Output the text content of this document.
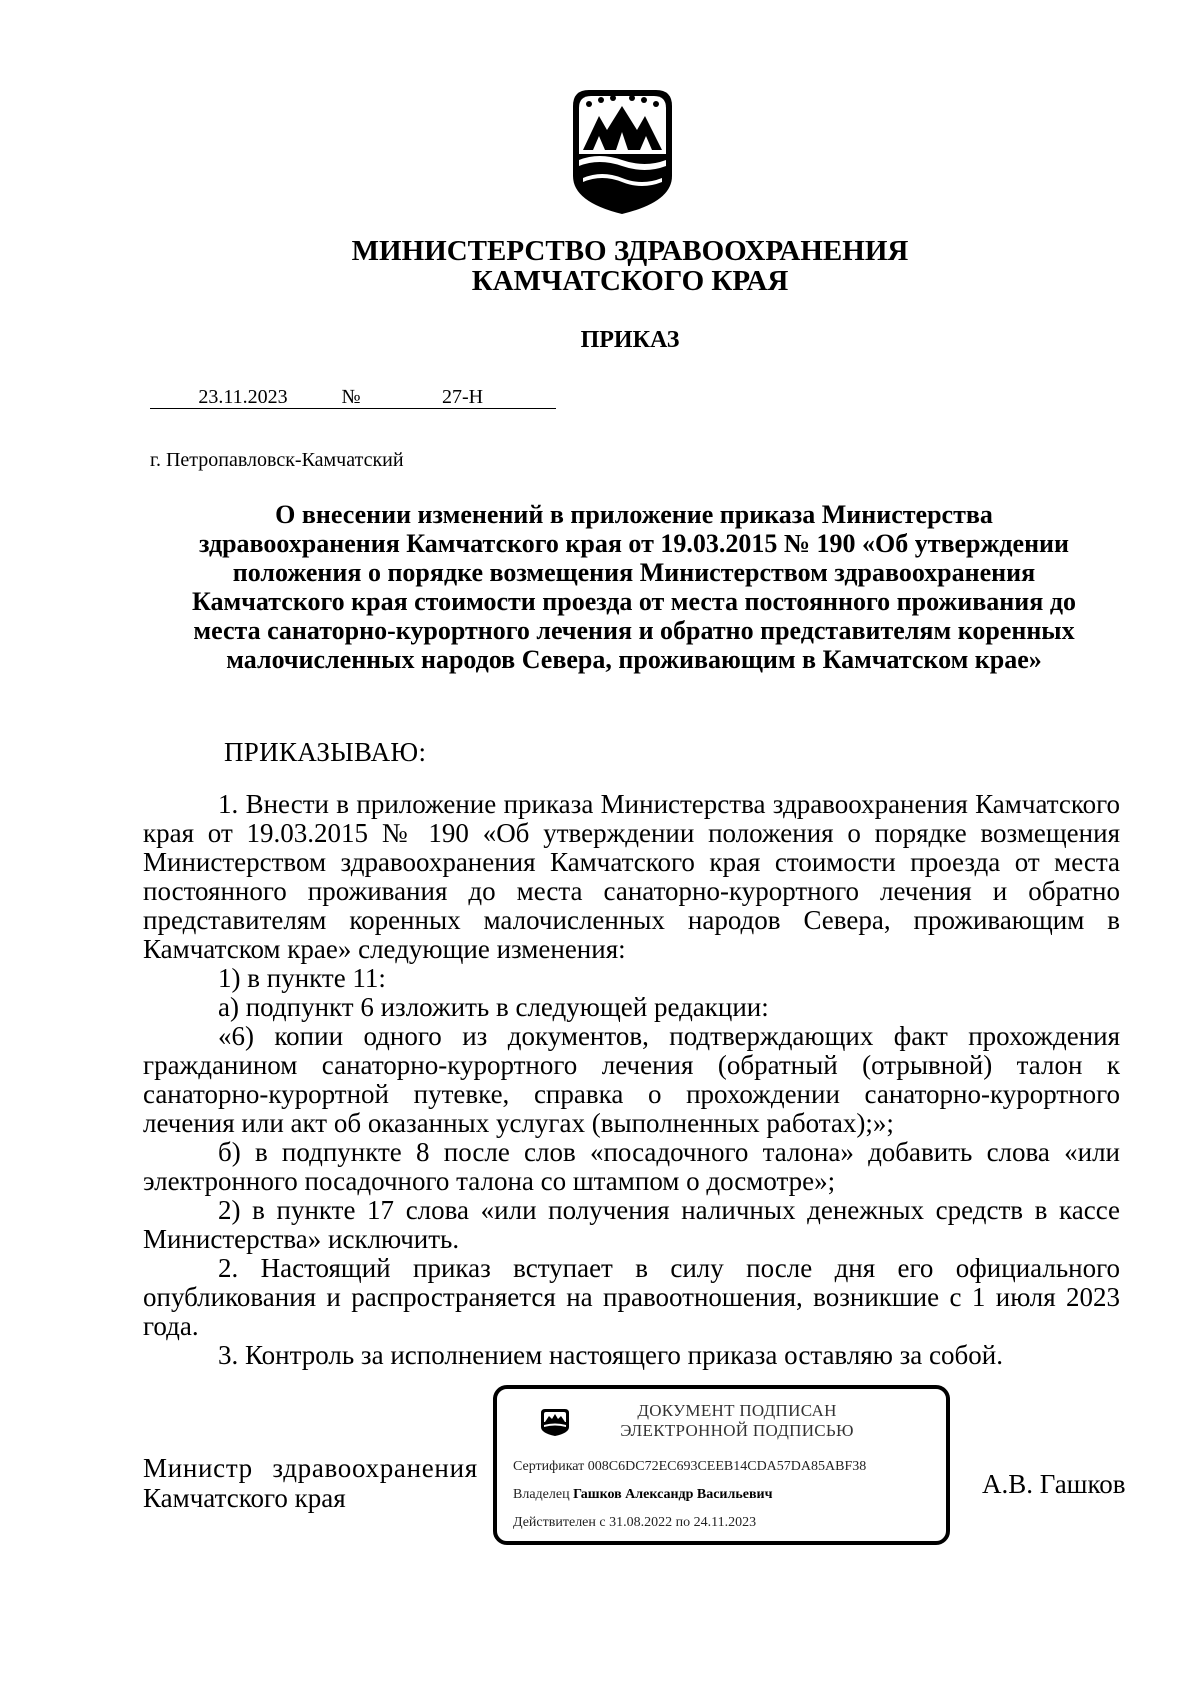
МИНИСТЕРСТВО ЗДРАВООХРАНЕНИЯ
КАМЧАТСКОГО КРАЯ
ПРИКАЗ
23.11.2023	№	27-Н
г. Петропавловск-Камчатский
О внесении изменений в приложение приказа Министерства
здравоохранения Камчатского края от 19.03.2015 № 190 «Об утверждении
положения о порядке возмещения Министерством здравоохранения
Камчатского края стоимости проезда от места постоянного проживания до
места санаторно-курортного лечения и обратно представителям коренных
малочисленных народов Севера, проживающим в Камчатском крае»
ПРИКАЗЫВАЮ:

1. Внести в приложение приказа Министерства здравоохранения Камчатского края от 19.03.2015 № 190 «Об утверждении положения о порядке возмещения Министерством здравоохранения Камчатского края стоимости проезда от места постоянного проживания до места санаторно-курортного лечения и обратно представителям коренных малочисленных народов Севера, проживающим в Камчатском крае» следующие изменения:

1) в пункте 11:

а) подпункт 6 изложить в следующей редакции:

«6) копии одного из документов, подтверждающих факт прохождения гражданином санаторно-курортного лечения (обратный (отрывной) талон к санаторно-курортной путевке, справка о прохождении санаторно-курортного лечения или акт об оказанных услугах (выполненных работах);»;

б) в подпункте 8 после слов «посадочного талона» добавить слова «или электронного посадочного талона со штампом о досмотре»;

2) в пункте 17 слова «или получения наличных денежных средств в кассе Министерства» исключить.

2. Настоящий приказ вступает в силу после дня его официального опубликования и распространяется на правоотношения, возникшие с 1 июля 2023 года.

3. Контроль за исполнением настоящего приказа оставляю за собой.

Министр здравоохранения
Камчатского края
ДОКУМЕНТ ПОДПИСАН
ЭЛЕКТРОННОЙ ПОДПИСЬЮ
Сертификат 008C6DC72EC693CEEB14CDA57DA85ABF38
Владелец Гашков Александр Васильевич
Действителен с 31.08.2022 по 24.11.2023
А.В. Гашков
